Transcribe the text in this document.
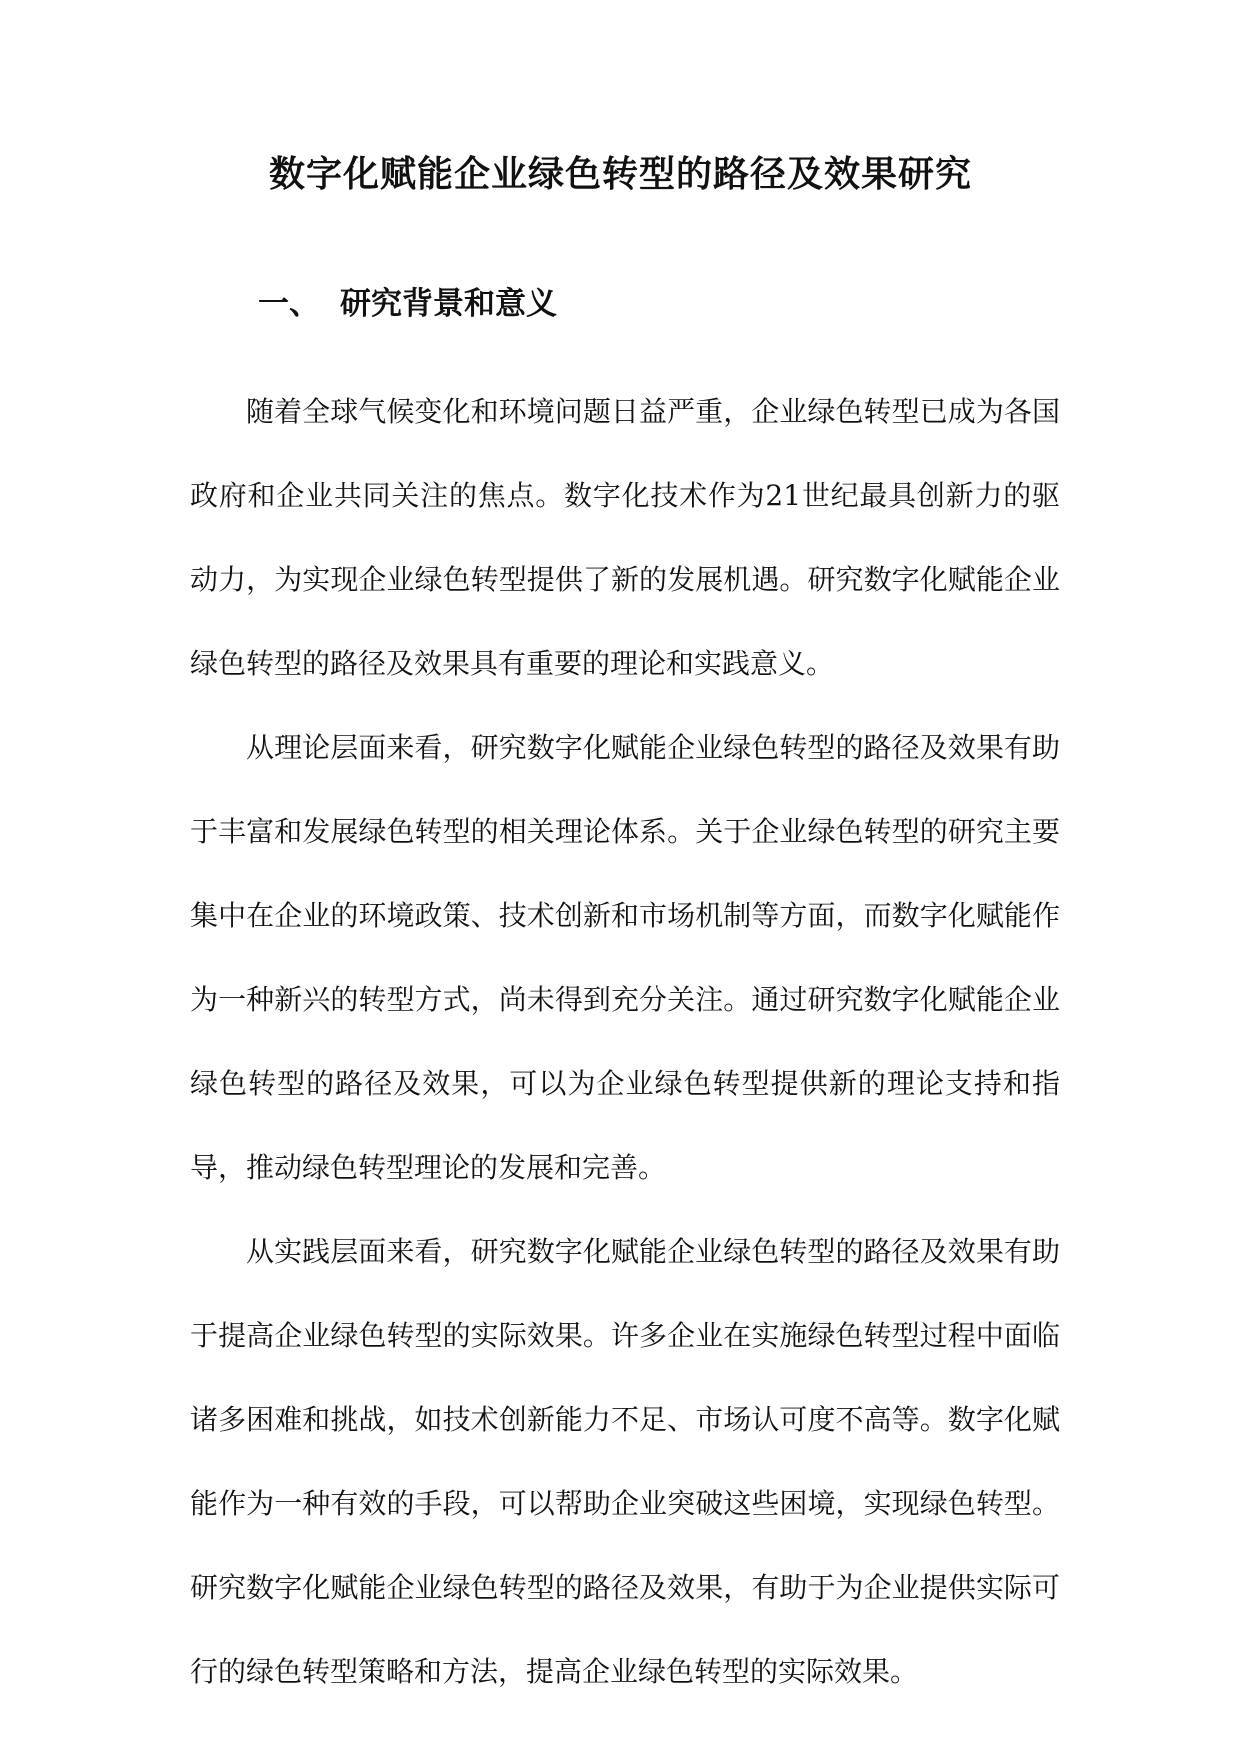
数字化赋能企业绿色转型的路径及效果研究
一、 研究背景和意义

随着全球气候变化和环境问题日益严重，企业绿色转型已成为各国政府和企业共同关注的焦点。数字化技术作为21世纪最具创新力的驱动力，为实现企业绿色转型提供了新的发展机遇。研究数字化赋能企业绿色转型的路径及效果具有重要的理论和实践意义。

从理论层面来看，研究数字化赋能企业绿色转型的路径及效果有助于丰富和发展绿色转型的相关理论体系。关于企业绿色转型的研究主要集中在企业的环境政策、技术创新和市场机制等方面，而数字化赋能作为一种新兴的转型方式，尚未得到充分关注。通过研究数字化赋能企业绿色转型的路径及效果，可以为企业绿色转型提供新的理论支持和指导，推动绿色转型理论的发展和完善。

从实践层面来看，研究数字化赋能企业绿色转型的路径及效果有助于提高企业绿色转型的实际效果。许多企业在实施绿色转型过程中面临诸多困难和挑战，如技术创新能力不足、市场认可度不高等。数字化赋能作为一种有效的手段，可以帮助企业突破这些困境，实现绿色转型。研究数字化赋能企业绿色转型的路径及效果，有助于为企业提供实际可行的绿色转型策略和方法，提高企业绿色转型的实际效果。
